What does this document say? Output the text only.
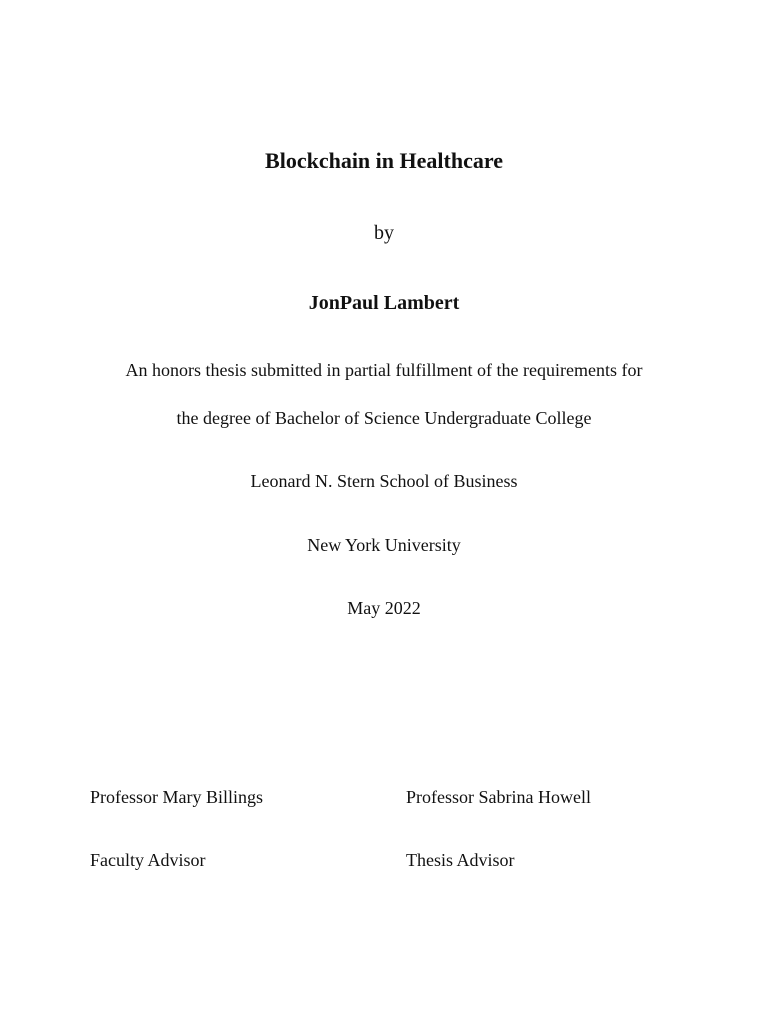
Blockchain in Healthcare
by
JonPaul Lambert
An honors thesis submitted in partial fulfillment of the requirements for
the degree of Bachelor of Science Undergraduate College
Leonard N. Stern School of Business
New York University
May 2022
Professor Mary Billings	Professor Sabrina Howell
Faculty Advisor	Thesis Advisor
